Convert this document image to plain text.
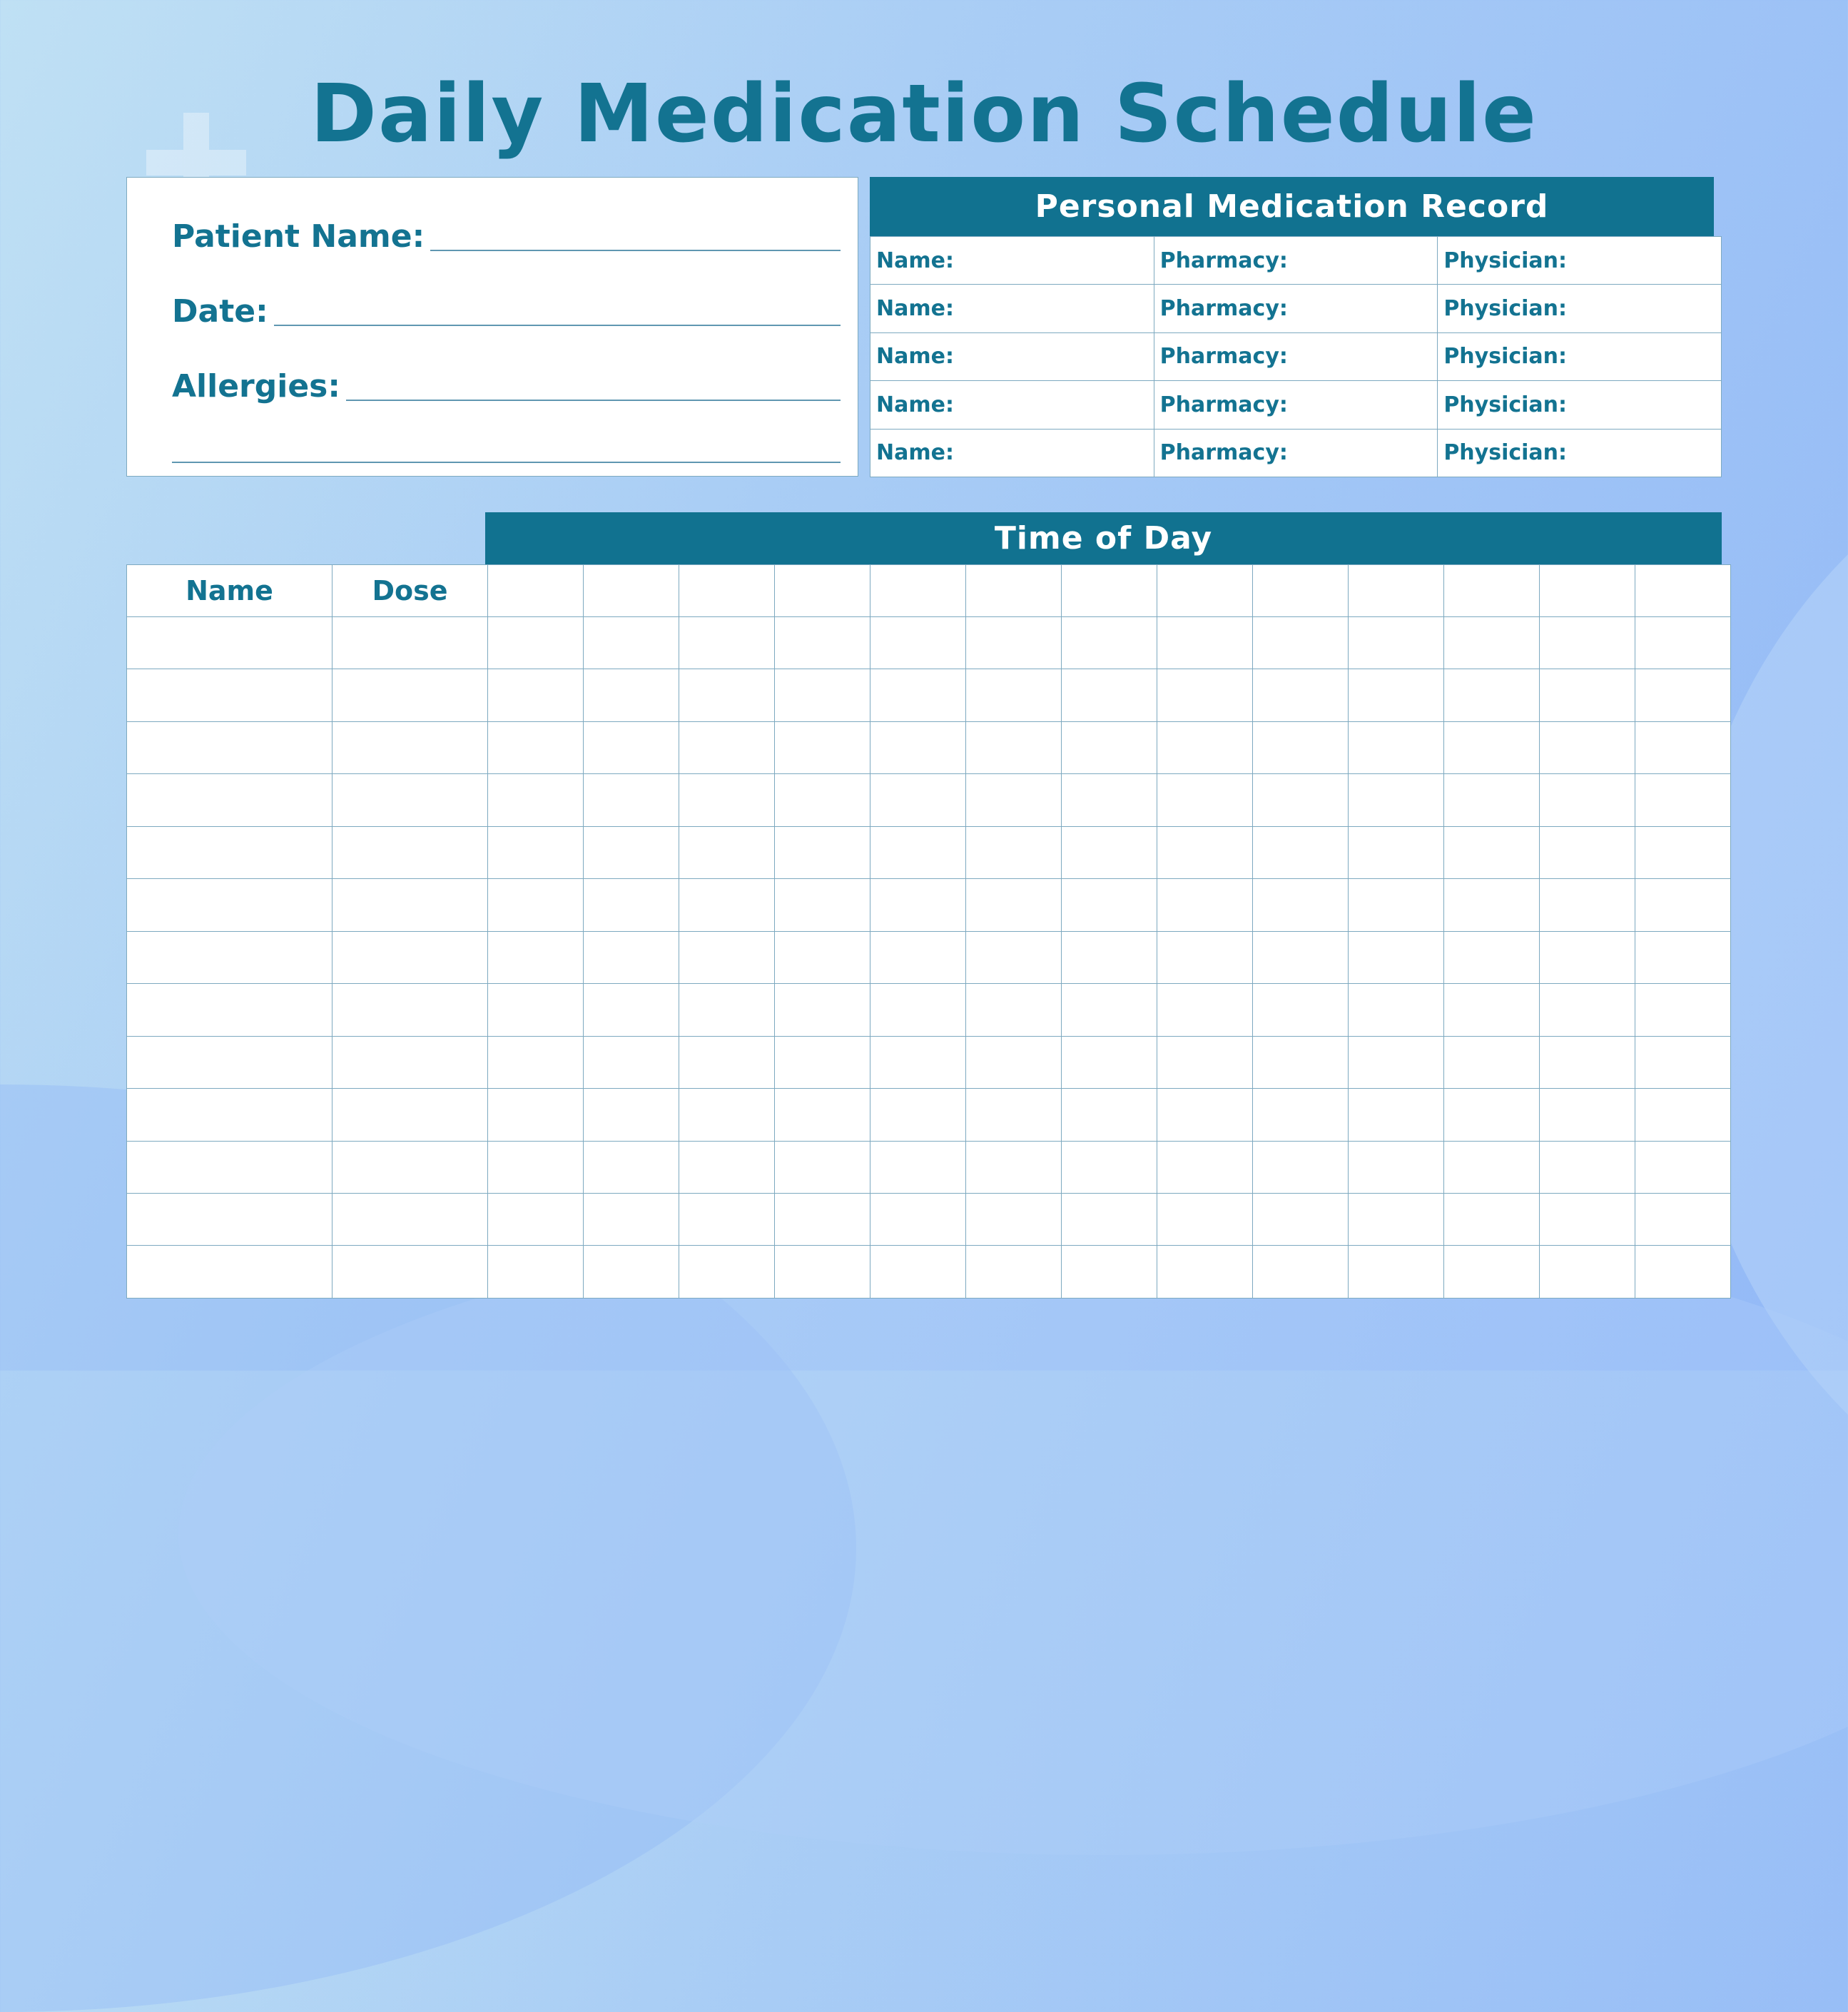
Daily Medication Schedule
Patient Name:
Date:
Allergies:
Personal Medication Record
Name:	Pharmacy:	Physician:
Name:	Pharmacy:	Physician:
Name:	Pharmacy:	Physician:
Name:	Pharmacy:	Physician:
Name:	Pharmacy:	Physician:
Time of Day
Name	Dose													
